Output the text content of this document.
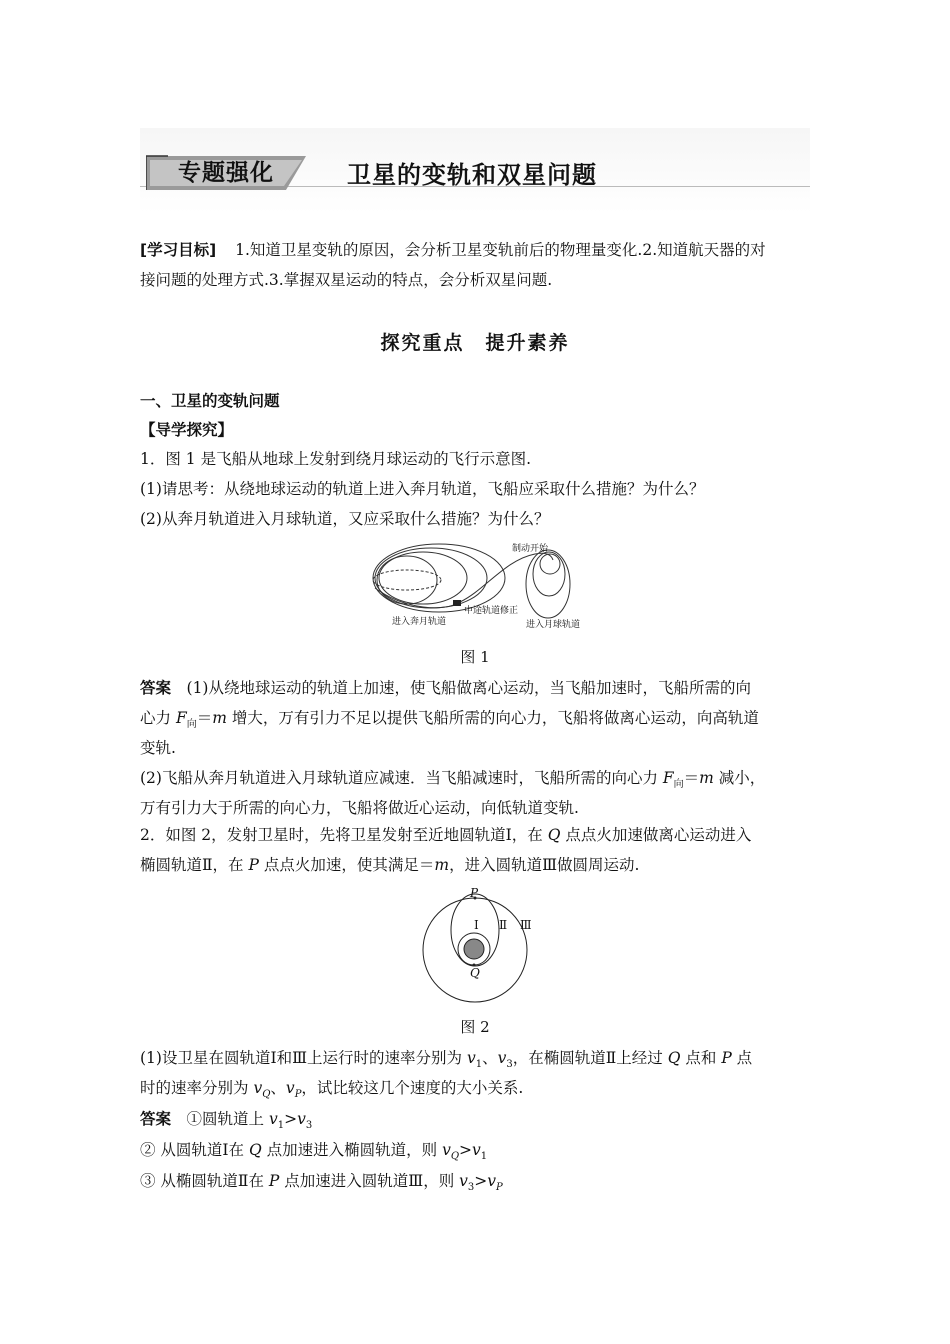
专题强化	卫星的变轨和双星问题
[学习目标] 1.知道卫星变轨的原因，会分析卫星变轨前后的物理量变化.2.知道航天器的对
接问题的处理方式.3.掌握双星运动的特点，会分析双星问题.
探究重点　提升素养
一、卫星的变轨问题
【导学探究】
1．图 1 是飞船从地球上发射到绕月球运动的飞行示意图.
(1)请思考：从绕地球运动的轨道上进入奔月轨道，飞船应采取什么措施？为什么？
(2)从奔月轨道进入月球轨道，又应采取什么措施？为什么？
制动开始
中途轨道修正
进入奔月轨道	进入月球轨道
图 1
答案　(1)从绕地球运动的轨道上加速，使飞船做离心运动，当飞船加速时，飞船所需的向
心力 $F_向=m$ 增大，万有引力不足以提供飞船所需的向心力，飞船将做离心运动，向高轨道
变轨.
(2)飞船从奔月轨道进入月球轨道应减速．当飞船减速时，飞船所需的向心力 $F_向=m$ 减小，
万有引力大于所需的向心力，飞船将做近心运动，向低轨道变轨.
2．如图 2，发射卫星时，先将卫星发射至近地圆轨道Ⅰ，在 Q 点点火加速做离心运动进入
椭圆轨道Ⅱ，在 P 点点火加速，使其满足＝m，进入圆轨道Ⅲ做圆周运动.
P
Q
Ⅰ Ⅱ Ⅲ
图 2
(1)设卫星在圆轨道Ⅰ和Ⅲ上运行时的速率分别为 $v_1$、$v_3$，在椭圆轨道Ⅱ上经过 Q 点和 P 点
时的速率分别为 $v_Q$、$v_P$，试比较这几个速度的大小关系.
答案　①圆轨道上 $v_1>v_3$
② 从圆轨道Ⅰ在 Q 点加速进入椭圆轨道，则 $v_Q>v_1$
③ 从椭圆轨道Ⅱ在 P 点加速进入圆轨道Ⅲ，则 $v_3>v_P$
